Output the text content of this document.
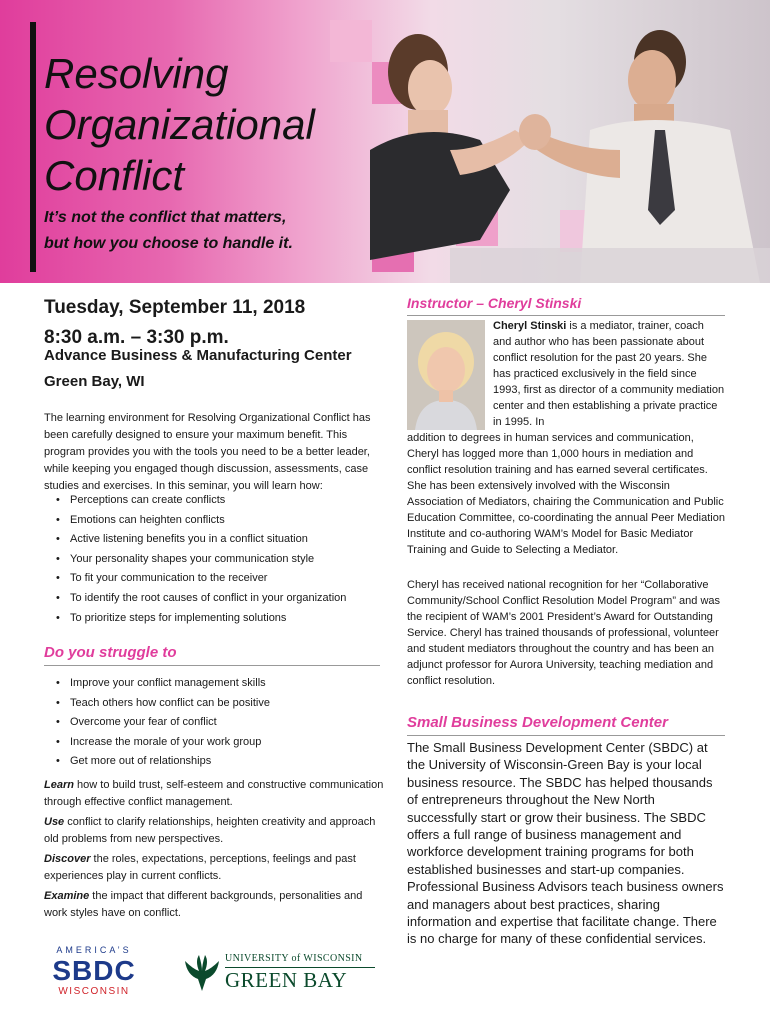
Resolving
Organizational
Conflict
It’s not the conflict that matters,
but how you choose to handle it.
Tuesday, September 11, 2018
8:30 a.m. – 3:30 p.m.
Advance Business & Manufacturing Center
Green Bay, WI

The learning environment for Resolving Organizational Conflict has been carefully designed to ensure your maximum benefit. This program provides you with the tools you need to be a better leader, while keeping you engaged though discussion, assessments, case studies and exercises. In this seminar, you will learn how:

• Perceptions can create conflicts
• Emotions can heighten conflicts
• Active listening benefits you in a conflict situation
• Your personality shapes your communication style
• To fit your communication to the receiver
• To identify the root causes of conflict in your organization
• To prioritize steps for implementing solutions
Do you struggle to
• Improve your conflict management skills
• Teach others how conflict can be positive
• Overcome your fear of conflict
• Increase the morale of your work group
• Get more out of relationships

Learn how to build trust, self-esteem and constructive communication through effective conflict management.

Use conflict to clarify relationships, heighten creativity and approach old problems from new perspectives.

Discover the roles, expectations, perceptions, feelings and past experiences play in current conflicts.

Examine the impact that different backgrounds, personalities and work styles have on conflict.

Instructor – Cheryl Stinski

Cheryl Stinski is a mediator, trainer, coach and author who has been passionate about conflict resolution for the past 20 years. She has practiced exclusively in the field since 1993, first as director of a community mediation center and then establishing a private practice in 1995. In

addition to degrees in human services and communication, Cheryl has logged more than 1,000 hours in mediation and conflict resolution training and has earned several certificates. She has been extensively involved with the Wisconsin Association of Mediators, chairing the Communication and Public Education Committee, co-coordinating the annual Peer Mediation Institute and co-authoring WAM’s Model for Basic Mediator Training and Guide to Selecting a Mediator.

Cheryl has received national recognition for her “Collaborative Community/School Conflict Resolution Model Program” and was the recipient of WAM’s 2001 President’s Award for Outstanding Service. Cheryl has trained thousands of professional, volunteer and student mediators throughout the country and has been an adjunct professor for Aurora University, teaching mediation and conflict resolution.

Small Business Development Center

The Small Business Development Center (SBDC) at the University of Wisconsin-Green Bay is your local business resource. The SBDC has helped thousands of entrepreneurs throughout the New North successfully start or grow their business. The SBDC offers a full range of business management and workforce development training programs for both established businesses and start-up companies. Professional Business Advisors teach business owners and managers about best practices, sharing information and expertise that facilitate change. There is no charge for many of these confidential services.

AMERICA’S
SBDC
WISCONSIN
UNIVERSITY of WISCONSIN
GREEN BAY
